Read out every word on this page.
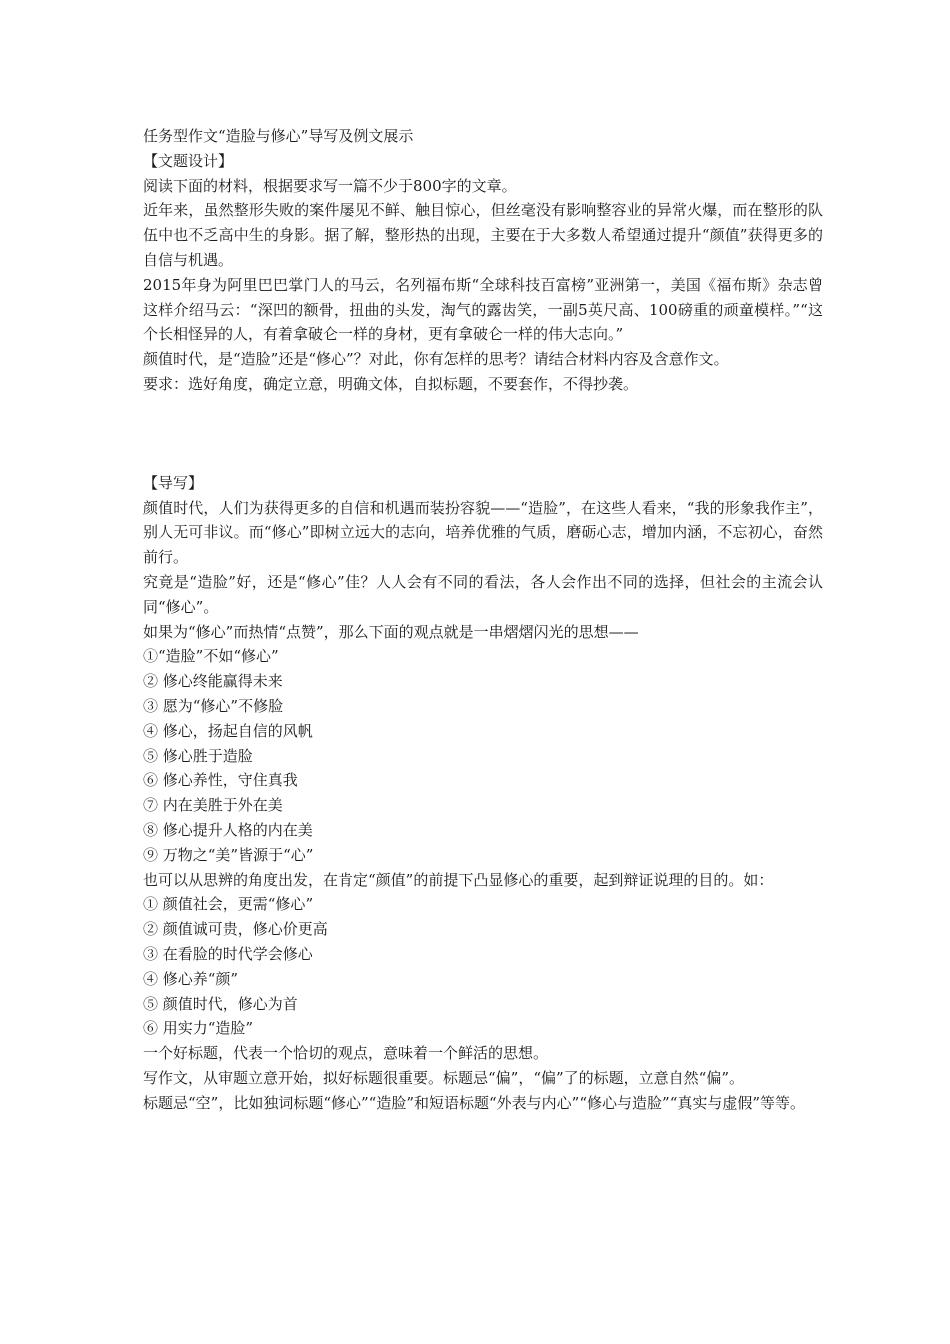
任务型作文“造脸与修心”导写及例文展示

【文题设计】

阅读下面的材料，根据要求写一篇不少于800字的文章。

近年来，虽然整形失败的案件屡见不鲜、触目惊心，但丝毫没有影响整容业的异常火爆，而在整形的队伍中也不乏高中生的身影。据了解，整形热的出现，主要在于大多数人希望通过提升“颜值”获得更多的自信与机遇。

2015年身为阿里巴巴掌门人的马云，名列福布斯“全球科技百富榜”亚洲第一，美国《福布斯》杂志曾这样介绍马云：“深凹的额骨，扭曲的头发，淘气的露齿笑，一副5英尺高、100磅重的顽童模样。”“这个长相怪异的人，有着拿破仑一样的身材，更有拿破仑一样的伟大志向。”

颜值时代，是“造脸”还是“修心”？对此，你有怎样的思考？请结合材料内容及含意作文。

要求：选好角度，确定立意，明确文体，自拟标题，不要套作，不得抄袭。

【导写】

颜值时代，人们为获得更多的自信和机遇而装扮容貌——“造脸”，在这些人看来，“我的形象我作主”，别人无可非议。而“修心”即树立远大的志向，培养优雅的气质，磨砺心志，增加内涵，不忘初心，奋然前行。

究竟是“造脸”好，还是“修心”佳？人人会有不同的看法，各人会作出不同的选择，但社会的主流会认同“修心”。

如果为“修心”而热情“点赞”，那么下面的观点就是一串熠熠闪光的思想——

①“造脸”不如“修心”

② 修心终能赢得未来

③ 愿为“修心”不修脸

④ 修心，扬起自信的风帆

⑤ 修心胜于造脸

⑥ 修心养性，守住真我

⑦ 内在美胜于外在美

⑧ 修心提升人格的内在美

⑨ 万物之“美”皆源于“心”

也可以从思辨的角度出发，在肯定“颜值”的前提下凸显修心的重要，起到辩证说理的目的。如：

① 颜值社会，更需“修心”

② 颜值诚可贵，修心价更高

③ 在看脸的时代学会修心

④ 修心养“颜”

⑤ 颜值时代，修心为首

⑥ 用实力“造脸”

一个好标题，代表一个恰切的观点，意味着一个鲜活的思想。

写作文，从审题立意开始，拟好标题很重要。标题忌“偏”，“偏”了的标题，立意自然“偏”。

标题忌“空”，比如独词标题“修心”“造脸”和短语标题“外表与内心”“修心与造脸”“真实与虚假”等等。
